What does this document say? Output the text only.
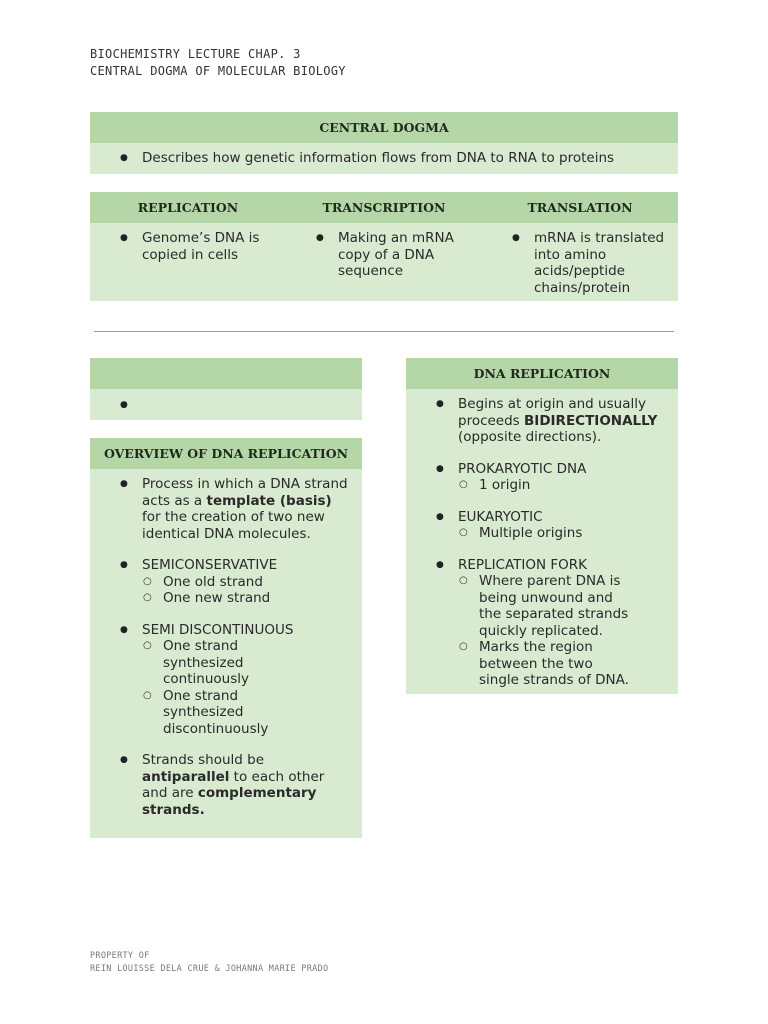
BIOCHEMISTRY LECTURE CHAP. 3
CENTRAL DOGMA OF MOLECULAR BIOLOGY
CENTRAL DOGMA
● Describes how genetic information flows from DNA to RNA to proteins
REPLICATION	TRANSCRIPTION	TRANSLATION
● Genome’s DNA is copied in cells
● Making an mRNA copy of a DNA sequence
● mRNA is translated into amino acids/peptide chains/protein
●
OVERVIEW OF DNA REPLICATION
● Process in which a DNA strand acts as a template (basis) for the creation of two new identical DNA molecules.
● SEMICONSERVATIVE
○ One old strand
○ One new strand
● SEMI DISCONTINUOUS
○ One strand synthesized continuously
○ One strand synthesized discontinuously
● Strands should be antiparallel to each other and are complementary strands.
DNA REPLICATION
● Begins at origin and usually proceeds BIDIRECTIONALLY (opposite directions).
● PROKARYOTIC DNA
○ 1 origin
● EUKARYOTIC
○ Multiple origins
● REPLICATION FORK
○ Where parent DNA is being unwound and the separated strands quickly replicated.
○ Marks the region between the two single strands of DNA.
PROPERTY OF
REIN LOUISSE DELA CRUE & JOHANNA MARIE PRADO
